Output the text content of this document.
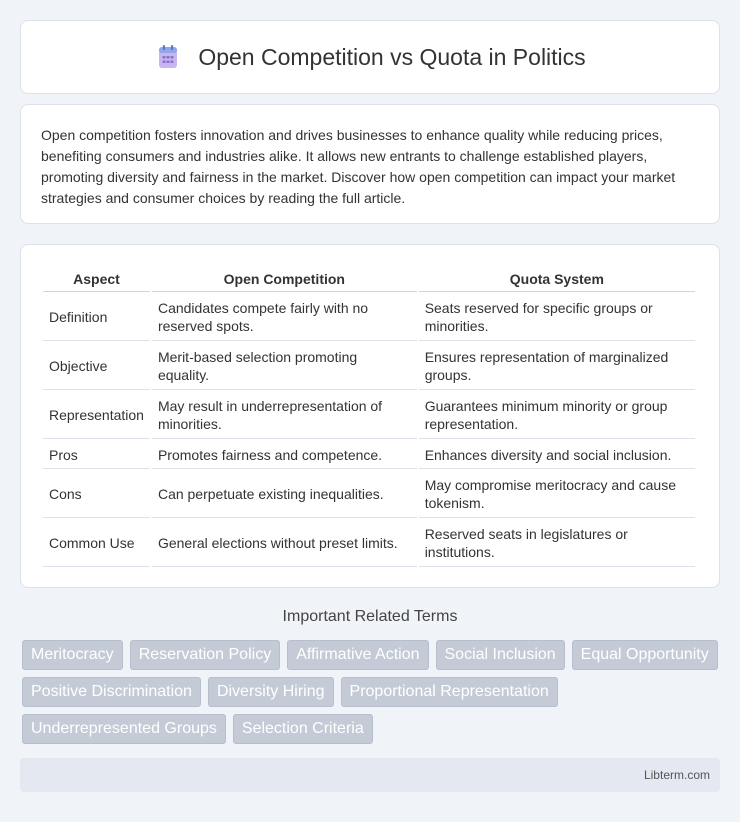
Open Competition vs Quota in Politics

Open competition fosters innovation and drives businesses to enhance quality while reducing prices, benefiting consumers and industries alike. It allows new entrants to challenge established players, promoting diversity and fairness in the market. Discover how open competition can impact your market strategies and consumer choices by reading the full article.

Aspect	Open Competition	Quota System
Definition	Candidates compete fairly with no reserved spots.	Seats reserved for specific groups or minorities.
Objective	Merit-based selection promoting equality.	Ensures representation of marginalized groups.
Representation	May result in underrepresentation of minorities.	Guarantees minimum minority or group representation.
Pros	Promotes fairness and competence.	Enhances diversity and social inclusion.
Cons	Can perpetuate existing inequalities.	May compromise meritocracy and cause tokenism.
Common Use	General elections without preset limits.	Reserved seats in legislatures or institutions.
Important Related Terms
Meritocracy	Reservation Policy	Affirmative Action	Social Inclusion	Equal Opportunity
Positive Discrimination	Diversity Hiring	Proportional Representation
Underrepresented Groups	Selection Criteria
Libterm.com
